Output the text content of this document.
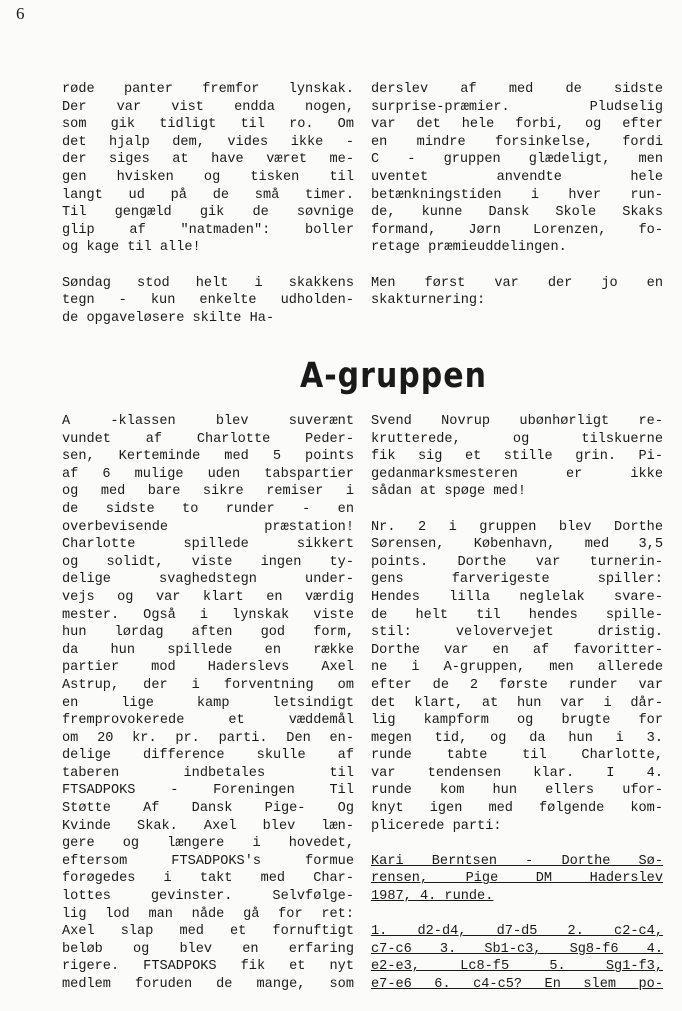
6

røde panter fremfor lynskak.
Der var vist endda nogen,
som gik tidligt til ro. Om
det hjalp dem, vides ikke -
der siges at have været me-
gen hvisken og tisken til
langt ud på de små timer.
Til gengæld gik de søvnige
glip af "natmaden": boller
og kage til alle!

Søndag stod helt i skakkens
tegn - kun enkelte udholden-
de opgaveløsere skilte Ha-

derslev af med de sidste
surprise-præmier. Pludselig
var det hele forbi, og efter
en mindre forsinkelse, fordi
C - gruppen glædeligt, men
uventet anvendte hele
betænkningstiden i hver run-
de, kunne Dansk Skole Skaks
formand, Jørn Lorenzen, fo-
retage præmieuddelingen.

Men først var der jo en
skakturnering:

A-gruppen

A -klassen blev suverænt
vundet af Charlotte Peder-
sen, Kerteminde med 5 points
af 6 mulige uden tabspartier
og med bare sikre remiser i
de sidste to runder - en
overbevisende præstation!
Charlotte spillede sikkert
og solidt, viste ingen ty-
delige svaghedstegn under-
vejs og var klart en værdig
mester. Også i lynskak viste
hun lørdag aften god form,
da hun spillede en række
partier mod Haderslevs Axel
Astrup, der i forventning om
en lige kamp letsindigt
fremprovokerede et væddemål
om 20 kr. pr. parti. Den en-
delige difference skulle af
taberen indbetales til
FTSADPOKS - Foreningen Til
Støtte Af Dansk Pige- Og
Kvinde Skak. Axel blev læn-
gere og længere i hovedet,
eftersom FTSADPOKS's formue
forøgedes i takt med Char-
lottes gevinster. Selvfølge-
lig lod man nåde gå for ret:
Axel slap med et fornuftigt
beløb og blev en erfaring
rigere. FTSADPOKS fik et nyt
medlem foruden de mange, som

Svend Novrup ubønhørligt re-
krutterede, og tilskuerne
fik sig et stille grin. Pi-
gedanmarksmesteren er ikke
sådan at spøge med!

Nr. 2 i gruppen blev Dorthe
Sørensen, København, med 3,5
points. Dorthe var turnerin-
gens farverigeste spiller:
Hendes lilla neglelak svare-
de helt til hendes spille-
stil: velovervejet dristig.
Dorthe var en af favoritter-
ne i A-gruppen, men allerede
efter de 2 første runder var
det klart, at hun var i dår-
lig kampform og brugte for
megen tid, og da hun i 3.
runde tabte til Charlotte,
var tendensen klar. I 4.
runde kom hun ellers ufor-
knyt igen med følgende kom-
plicerede parti:

Kari Berntsen - Dorthe Sø-
rensen, Pige DM Haderslev
1987, 4. runde.

1. d2-d4, d7-d5 2. c2-c4,
c7-c6 3. Sb1-c3, Sg8-f6 4.
e2-e3, Lc8-f5 5. Sg1-f3,
e7-e6 6. c4-c5? En slem po-
